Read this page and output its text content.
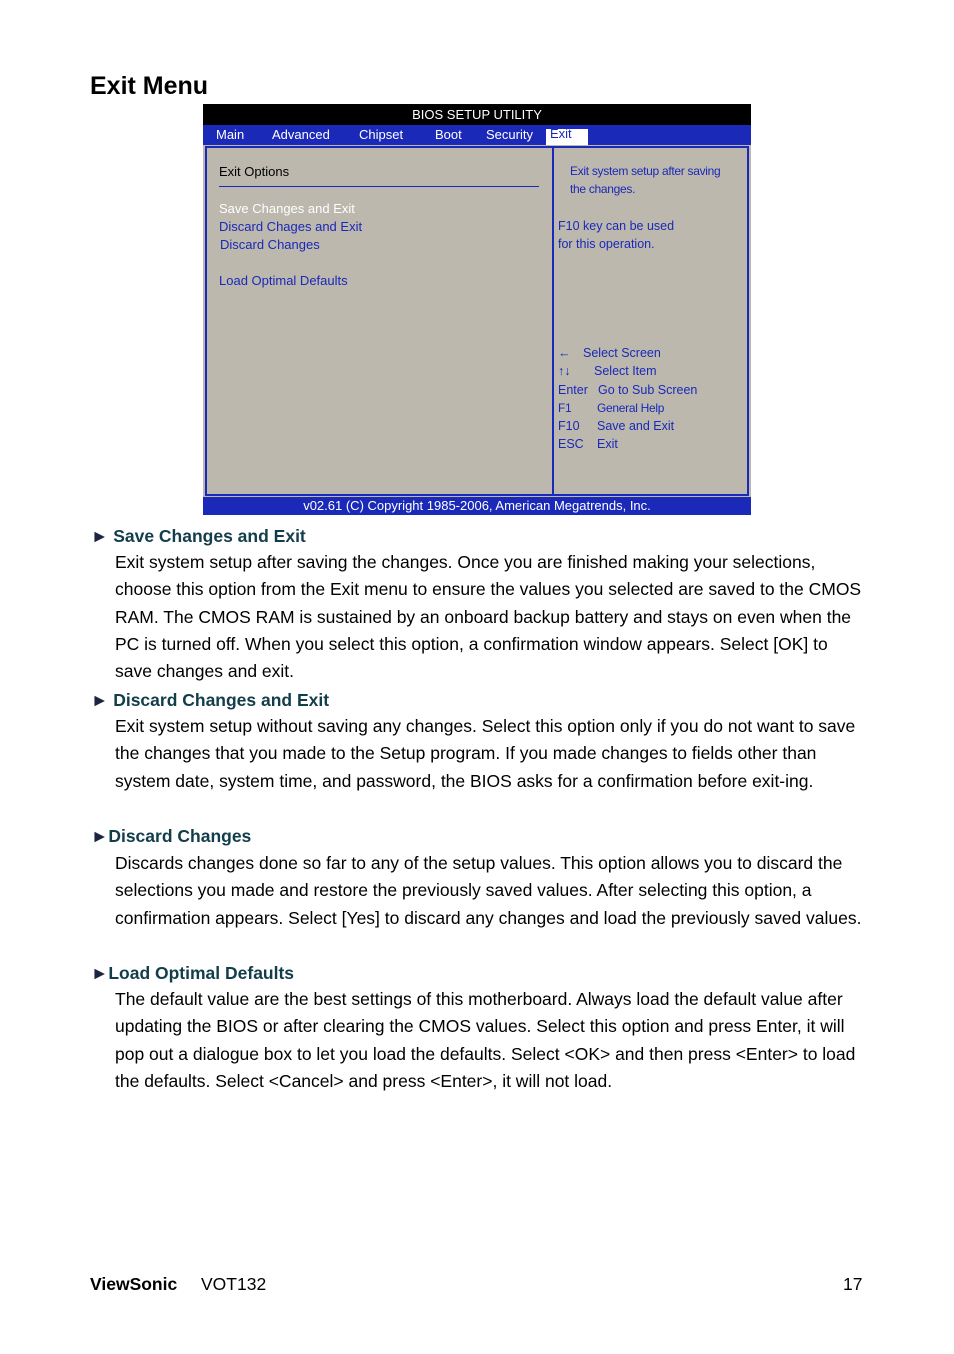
Exit Menu
BIOS SETUP UTILITY
Main Advanced Chipset Boot Security	Exit
Exit Options
Save Changes and Exit
Discard Chages and Exit
Discard Changes
Load Optimal Defaults
Exit system setup after saving
the changes.
F10 key can be used
for this operation.
← Select Screen
↑↓ Select Item
Enter Go to Sub Screen
F1 General Help
F10 Save and Exit
ESC Exit
v02.61 (C) Copyright 1985-2006, American Megatrends, Inc.
► Save Changes and Exit

Exit system setup after saving the changes. Once you are finished making your selections, choose this option from the Exit menu to ensure the values you selected are saved to the CMOS RAM. The CMOS RAM is sustained by an onboard backup battery and stays on even when the PC is turned off. When you select this option, a confirmation window appears. Select [OK] to save changes and exit.

► Discard Changes and Exit

Exit system setup without saving any changes. Select this option only if you do not want to save the changes that you made to the Setup program. If you made changes to fields other than system date, system time, and password, the BIOS asks for a confirmation before exit-ing.

►Discard Changes

Discards changes done so far to any of the setup values. This option allows you to discard the selections you made and restore the previously saved values. After selecting this option, a confirmation appears. Select [Yes] to discard any changes and load the previously saved values.

►Load Optimal Defaults

The default value are the best settings of this motherboard. Always load the default value after updating the BIOS or after clearing the CMOS values. Select this option and press Enter, it will pop out a dialogue box to let you load the defaults. Select <OK> and then press <Enter> to load the defaults. Select <Cancel> and press <Enter>, it will not load.

ViewSonic VOT132	17
